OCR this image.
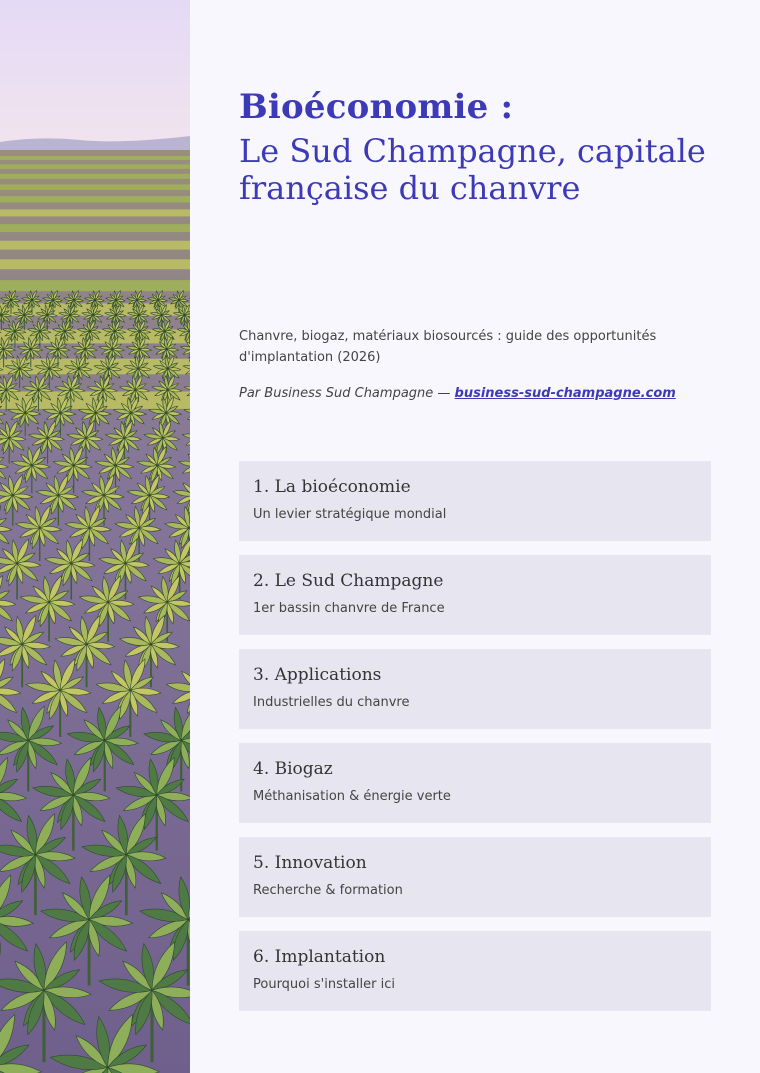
Bioéconomie :
Le Sud Champagne, capitale française du chanvre
Chanvre, biogaz, matériaux biosourcés : guide des opportunités d'implantation (2026)
Par Business Sud Champagne — business-sud-champagne.com
1. La bioéconomie
Un levier stratégique mondial
2. Le Sud Champagne
1er bassin chanvre de France
3. Applications
Industrielles du chanvre
4. Biogaz
Méthanisation & énergie verte
5. Innovation
Recherche & formation
6. Implantation
Pourquoi s'installer ici
